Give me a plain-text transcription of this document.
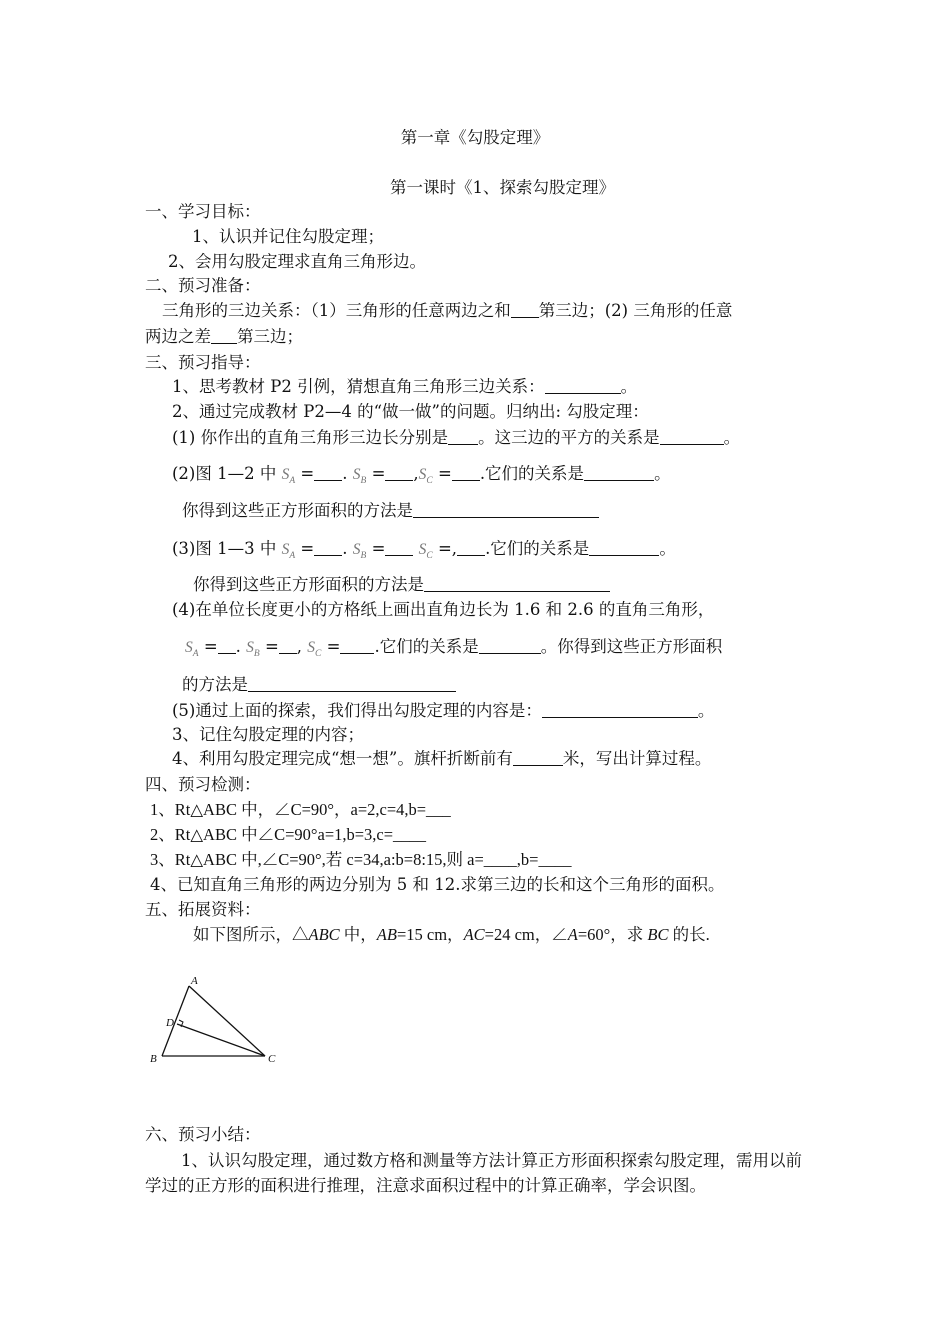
第一章《勾股定理》
第一课时《1、探索勾股定理》
一、学习目标：
1、认识并记住勾股定理；
2、会用勾股定理求直角三角形边。
二、预习准备：
三角形的三边关系：（1）三角形的任意两边之和 第三边；(2) 三角形的任意
两边之差 第三边；
三、预习指导：
1、思考教材 P2 引例，猜想直角三角形三边关系：	。
2、通过完成教材 P2—4 的“做一做”的问题。归纳出: 勾股定理：
(1) 你作出的直角三角形三边长分别是 。这三边的平方的关系是	。
(2)图 1—2 中 $S_A$ = . $S_B = ,S_C$ = .它们的关系是	。
你得到这些正方形面积的方法是
(3)图 1—3 中 $S_A$ = . $S_B = S_C$ =, .它们的关系是	。
你得到这些正方形面积的方法是
(4)在单位长度更小的方格纸上画出直角边长为 1.6 和 2.6 的直角三角形，
$S_A$ = . $S_B$ = , $S_C$ = .它们的关系是	。你得到这些正方形面积
的方法是
(5)通过上面的探索，我们得出勾股定理的内容是：	。
3、记住勾股定理的内容；
4、利用勾股定理完成“想一想”。旗杆折断前有	米，写出计算过程。
四、预习检测：
1、Rt△ABC 中，∠C=90°，a=2,c=4,b=___
2、Rt△ABC 中∠C=90°a=1,b=3,c=____
3、Rt△ABC 中,∠C=90°,若 c=34,a:b=8:15,则 a=____,b=____
4、已知直角三角形的两边分别为 5 和 12.求第三边的长和这个三角形的面积。
五、拓展资料：
如下图所示，△ABC 中，AB=15 cm，AC=24 cm，∠A=60°，求 BC 的长.
A
B	C
D
六、预习小结：
1、认识勾股定理，通过数方格和测量等方法计算正方形面积探索勾股定理，需用以前学过的正方形的面积进行推理，注意求面积过程中的计算正确率，学会识图。
